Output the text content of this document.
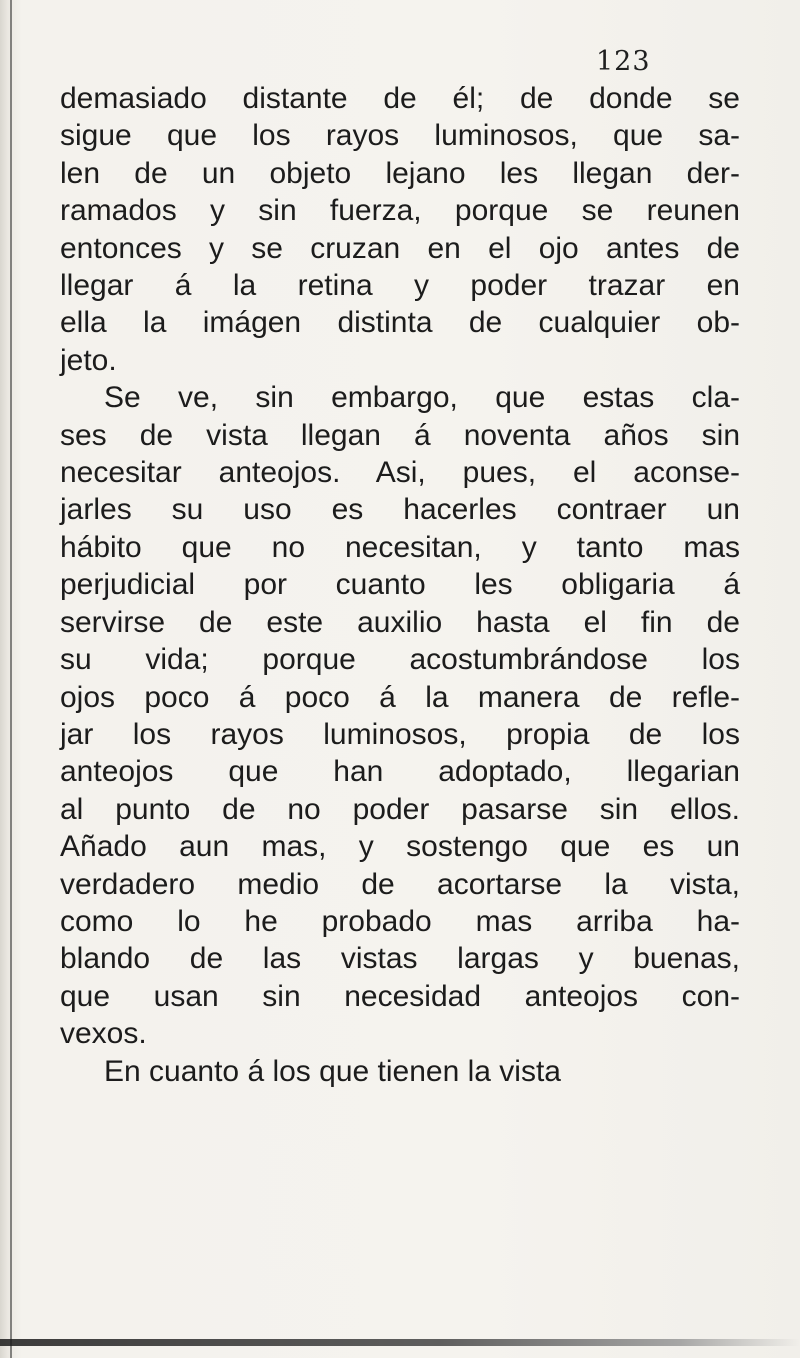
123
demasiado distante de él; de donde se
sigue que los rayos luminosos, que sa-
len de un objeto lejano les llegan der-
ramados y sin fuerza, porque se reunen
entonces y se cruzan en el ojo antes de
llegar á la retina y poder trazar en
ella la imágen distinta de cualquier ob-
jeto.
Se ve, sin embargo, que estas cla-
ses de vista llegan á noventa años sin
necesitar anteojos. Asi, pues, el aconse-
jarles su uso es hacerles contraer un
hábito que no necesitan, y tanto mas
perjudicial por cuanto les obligaria á
servirse de este auxilio hasta el fin de
su vida; porque acostumbrándose los
ojos poco á poco á la manera de refle-
jar los rayos luminosos, propia de los
anteojos que han adoptado, llegarian
al punto de no poder pasarse sin ellos.
Añado aun mas, y sostengo que es un
verdadero medio de acortarse la vista,
como lo he probado mas arriba ha-
blando de las vistas largas y buenas,
que usan sin necesidad anteojos con-
vexos.
En cuanto á los que tienen la vista
